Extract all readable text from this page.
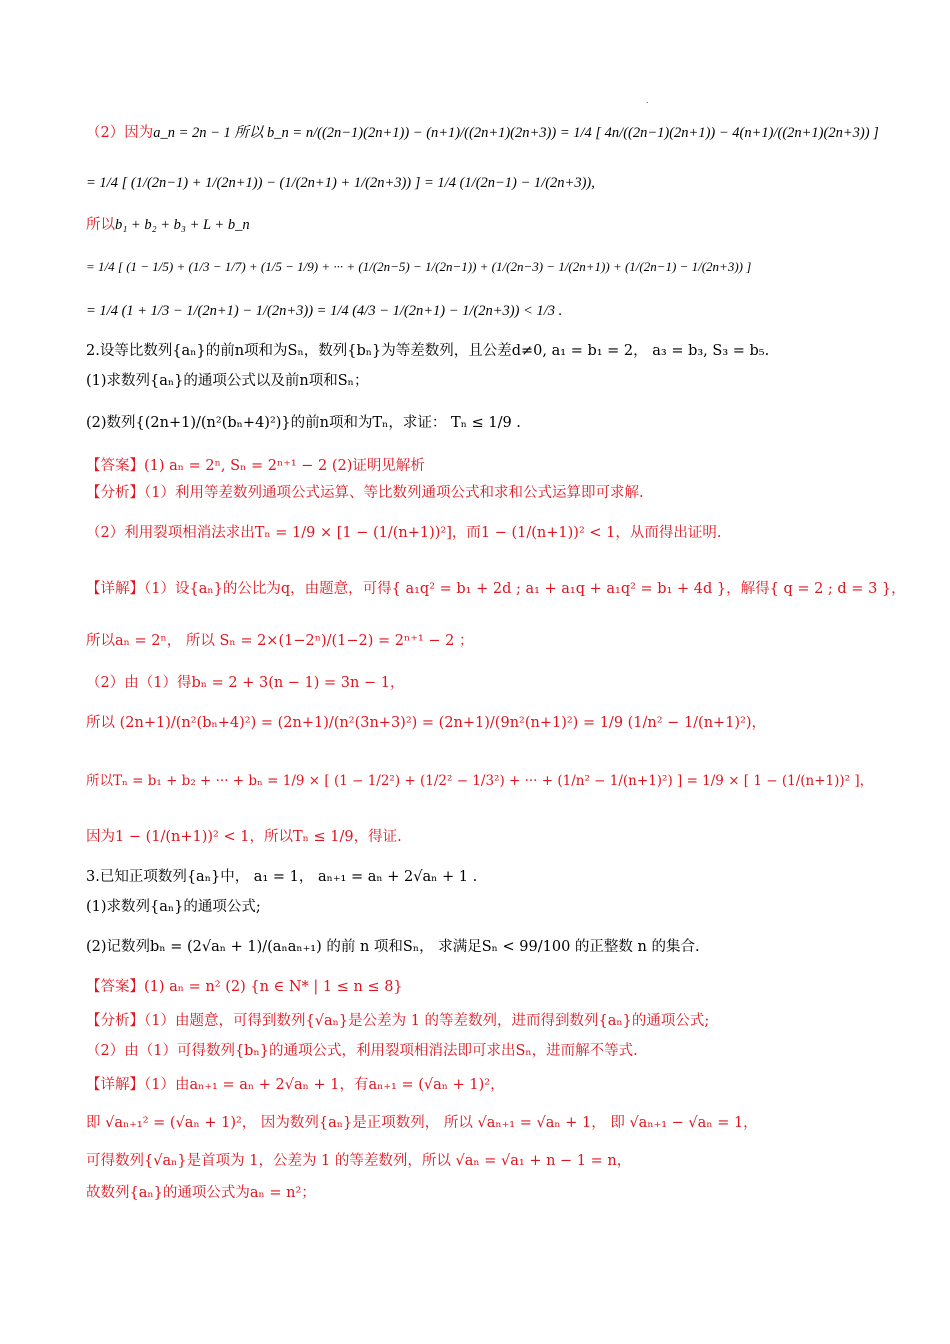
.
（2）因为a_n = 2n − 1 所以 b_n = n/((2n−1)(2n+1)) − (n+1)/((2n+1)(2n+3)) = 1/4 [ 4n/((2n−1)(2n+1)) − 4(n+1)/((2n+1)(2n+3)) ]
= 1/4 [ (1/(2n−1) + 1/(2n+1)) − (1/(2n+1) + 1/(2n+3)) ] = 1/4 (1/(2n−1) − 1/(2n+3)),
所以b₁ + b₂ + b₃ + L + b_n
= 1/4 [ (1 − 1/5) + (1/3 − 1/7) + (1/5 − 1/9) + ··· + (1/(2n−5) − 1/(2n−1)) + (1/(2n−3) − 1/(2n+1)) + (1/(2n−1) − 1/(2n+3)) ]
= 1/4 (1 + 1/3 − 1/(2n+1) − 1/(2n+3)) = 1/4 (4/3 − 1/(2n+1) − 1/(2n+3)) < 1/3 .
2.设等比数列{aₙ}的前n项和为Sₙ，数列{bₙ}为等差数列，且公差d≠0, a₁ = b₁ = 2， a₃ = b₃, S₃ = b₅.
(1)求数列{aₙ}的通项公式以及前n项和Sₙ；
(2)数列{(2n+1)/(n²(bₙ+4)²)}的前n项和为Tₙ，求证： Tₙ ≤ 1/9 .
【答案】(1) aₙ = 2ⁿ, Sₙ = 2ⁿ⁺¹ − 2 (2)证明见解析
【分析】（1）利用等差数列通项公式运算、等比数列通项公式和求和公式运算即可求解.
（2）利用裂项相消法求出Tₙ = 1/9 × [1 − (1/(n+1))²]，而1 − (1/(n+1))² < 1，从而得出证明.
【详解】（1）设{aₙ}的公比为q，由题意，可得{ a₁q² = b₁ + 2d ; a₁ + a₁q + a₁q² = b₁ + 4d }，解得{ q = 2 ; d = 3 }，
所以aₙ = 2ⁿ， 所以 Sₙ = 2×(1−2ⁿ)/(1−2) = 2ⁿ⁺¹ − 2 ；
（2）由（1）得bₙ = 2 + 3(n − 1) = 3n − 1，
所以 (2n+1)/(n²(bₙ+4)²) = (2n+1)/(n²(3n+3)²) = (2n+1)/(9n²(n+1)²) = 1/9 (1/n² − 1/(n+1)²)，
所以Tₙ = b₁ + b₂ + ··· + bₙ = 1/9 × [ (1 − 1/2²) + (1/2² − 1/3²) + ··· + (1/n² − 1/(n+1)²) ] = 1/9 × [ 1 − (1/(n+1))² ]，
因为1 − (1/(n+1))² < 1，所以Tₙ ≤ 1/9，得证.
3.已知正项数列{aₙ}中， a₁ = 1， aₙ₊₁ = aₙ + 2√aₙ + 1 .
(1)求数列{aₙ}的通项公式;
(2)记数列bₙ = (2√aₙ + 1)/(aₙaₙ₊₁) 的前 n 项和Sₙ， 求满足Sₙ < 99/100 的正整数 n 的集合.
【答案】(1) aₙ = n² (2) {n ∈ N* | 1 ≤ n ≤ 8}
【分析】（1）由题意，可得到数列{√aₙ}是公差为 1 的等差数列，进而得到数列{aₙ}的通项公式;
（2）由（1）可得数列{bₙ}的通项公式，利用裂项相消法即可求出Sₙ，进而解不等式.
【详解】（1）由aₙ₊₁ = aₙ + 2√aₙ + 1，有aₙ₊₁ = (√aₙ + 1)²，
即 √aₙ₊₁² = (√aₙ + 1)²， 因为数列{aₙ}是正项数列， 所以 √aₙ₊₁ = √aₙ + 1， 即 √aₙ₊₁ − √aₙ = 1，
可得数列{√aₙ}是首项为 1，公差为 1 的等差数列，所以 √aₙ = √a₁ + n − 1 = n，
故数列{aₙ}的通项公式为aₙ = n²；
